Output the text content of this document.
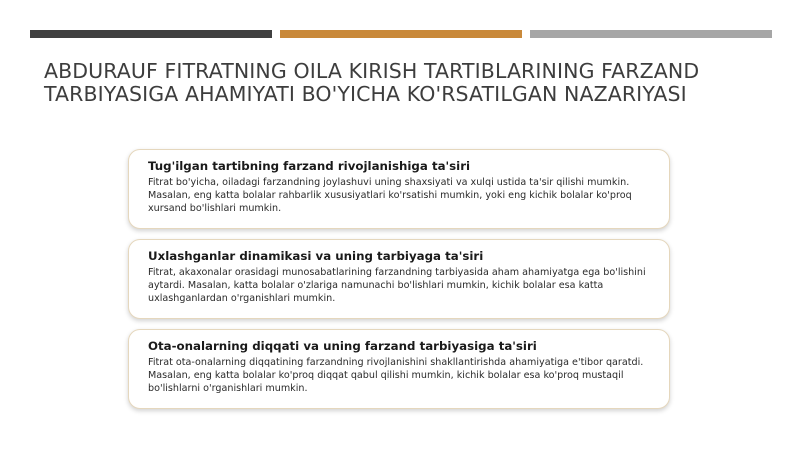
ABDURAUF FITRATNING OILA KIRISH TARTIBLARINING FARZAND
TARBIYASIGA AHAMIYATI BO'YICHA KO'RSATILGAN NAZARIYASI
Tug'ilgan tartibning farzand rivojlanishiga ta'siri

Fitrat bo'yicha, oiladagi farzandning joylashuvi uning shaxsiyati va xulqi ustida ta'sir qilishi mumkin. Masalan, eng katta bolalar rahbarlik xususiyatlari ko'rsatishi mumkin, yoki eng kichik bolalar ko'proq xursand bo'lishlari mumkin.

Uxlashganlar dinamikasi va uning tarbiyaga ta'siri

Fitrat, akaxonalar orasidagi munosabatlarining farzandning tarbiyasida aham ahamiyatga ega bo'lishini aytardi. Masalan, katta bolalar o'zlariga namunachi bo'lishlari mumkin, kichik bolalar esa katta uxlashganlardan o'rganishlari mumkin.

Ota-onalarning diqqati va uning farzand tarbiyasiga ta'siri

Fitrat ota-onalarning diqqatining farzandning rivojlanishini shakllantirishda ahamiyatiga e'tibor qaratdi. Masalan, eng katta bolalar ko'proq diqqat qabul qilishi mumkin, kichik bolalar esa ko'proq mustaqil bo'lishlarni o'rganishlari mumkin.
